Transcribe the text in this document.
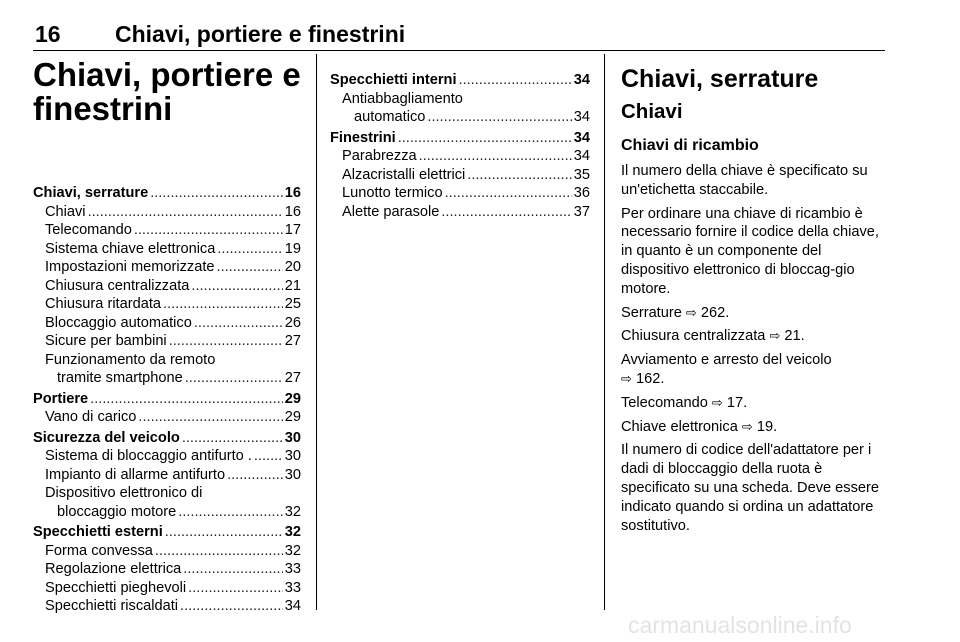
16 Chiavi, portiere e finestrini
Chiavi, portiere e
finestrini
Chiavi, serrature .....	16
Chiavi .....	16
Telecomando .....	17
Sistema chiave elettronica .....	19
Impostazioni memorizzate .....	20
Chiusura centralizzata .....	21
Chiusura ritardata .....	25
Bloccaggio automatico .....	26
Sicure per bambini .....	27
Funzionamento da remoto
tramite smartphone .....	27
Portiere .....	29
Vano di carico .....	29
Sicurezza del veicolo .....	30
Sistema di bloccaggio antifurto . ..... 30
Impianto di allarme antifurto .....	30
Dispositivo elettronico di
bloccaggio motore .....	32
Specchietti esterni .....	32
Forma convessa .....	32
Regolazione elettrica .....	33
Specchietti pieghevoli .....	33
Specchietti riscaldati .....	34
Specchietti interni .....	34
Antiabbagliamento
automatico .....	34
Finestrini .....	34
Parabrezza .....	34
Alzacristalli elettrici .....	35
Lunotto termico .....	36
Alette parasole .....	37
Chiavi, serrature
Chiavi
Chiavi di ricambio

Il numero della chiave è specificato su un'etichetta staccabile.

Per ordinare una chiave di ricambio è necessario fornire il codice della chiave, in quanto è un componente del dispositivo elettronico di bloccag-gio motore.

Serrature ⇨ 262.

Chiusura centralizzata ⇨ 21.

Avviamento e arresto del veicolo
⇨ 162.

Telecomando ⇨ 17.

Chiave elettronica ⇨ 19.

Il numero di codice dell'adattatore per i dadi di bloccaggio della ruota è specificato su una scheda. Deve essere indicato quando si ordina un adattatore sostitutivo.

carmanualsonline.info
